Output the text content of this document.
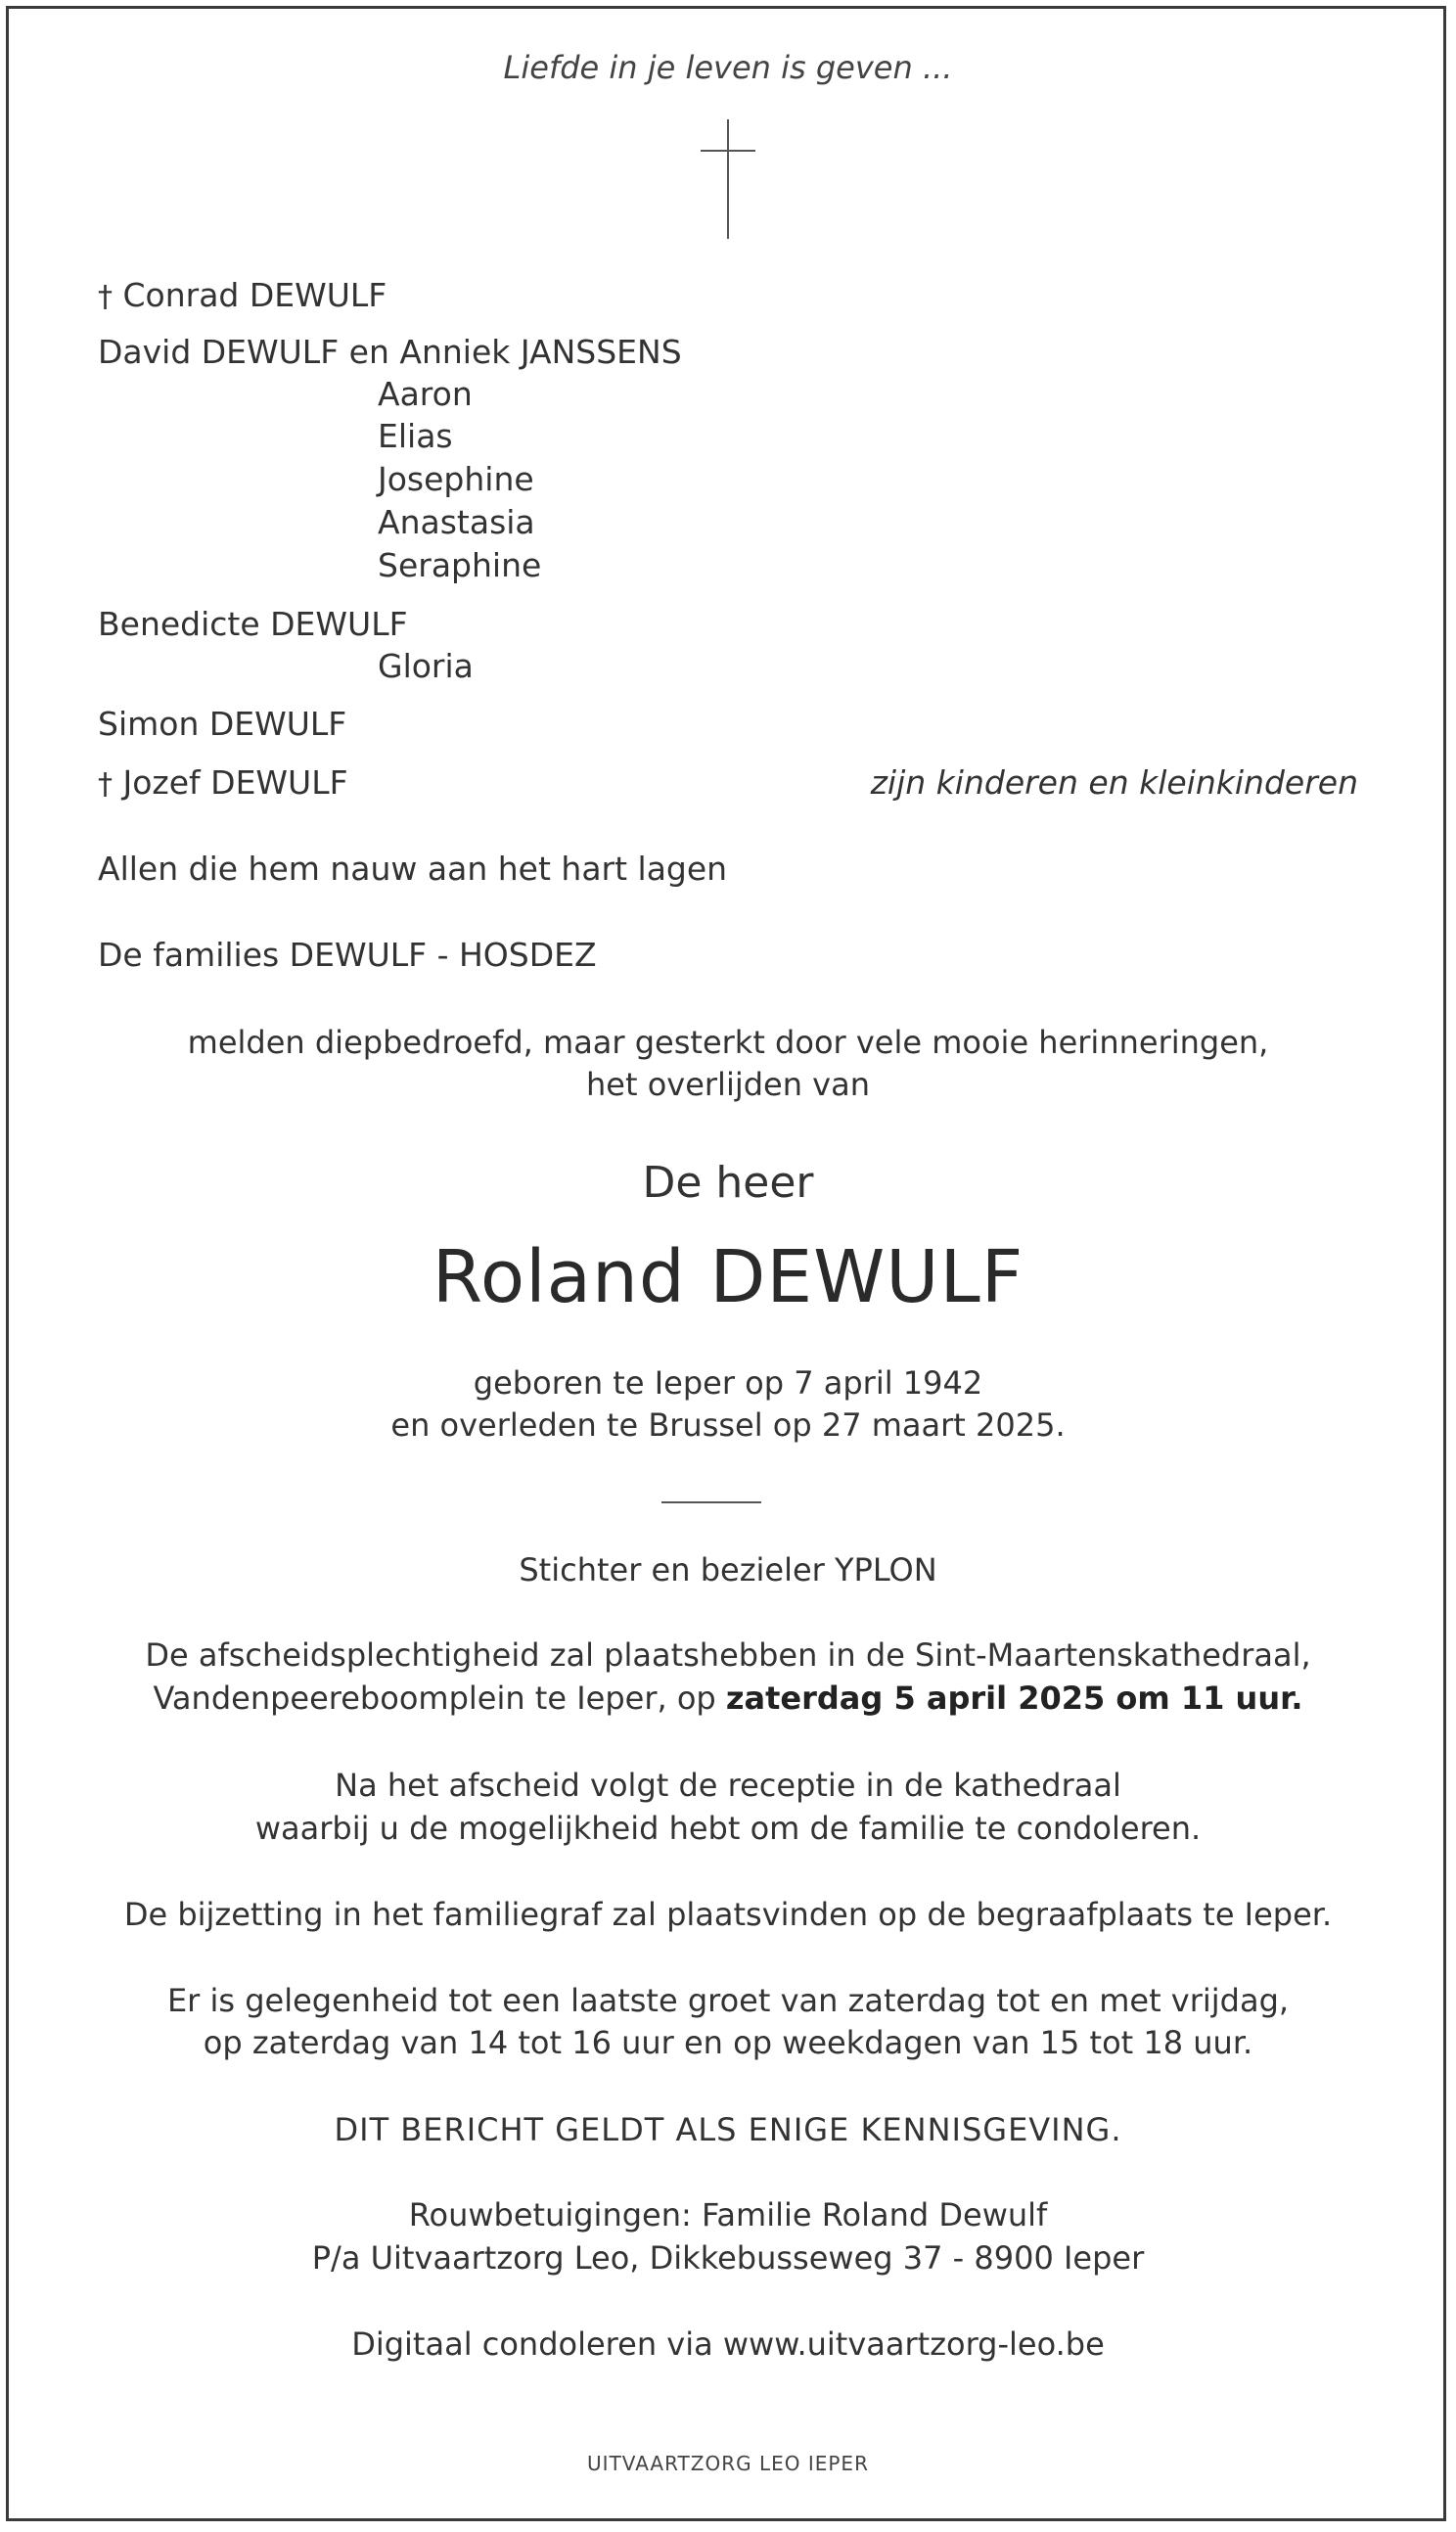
Liefde in je leven is geven ...
† Conrad DEWULF
David DEWULF en Anniek JANSSENS
Aaron
Elias
Josephine
Anastasia
Seraphine
Benedicte DEWULF
Gloria
Simon DEWULF
† Jozef DEWULF	zijn kinderen en kleinkinderen
Allen die hem nauw aan het hart lagen
De families DEWULF - HOSDEZ
melden diepbedroefd, maar gesterkt door vele mooie herinneringen,
het overlijden van
De heer
Roland DEWULF
geboren te Ieper op 7 april 1942
en overleden te Brussel op 27 maart 2025.
Stichter en bezieler YPLON
De afscheidsplechtigheid zal plaatshebben in de Sint-Maartenskathedraal,
Vandenpeereboomplein te Ieper, op zaterdag 5 april 2025 om 11 uur.
Na het afscheid volgt de receptie in de kathedraal
waarbij u de mogelijkheid hebt om de familie te condoleren.
De bijzetting in het familiegraf zal plaatsvinden op de begraafplaats te Ieper.
Er is gelegenheid tot een laatste groet van zaterdag tot en met vrijdag,
op zaterdag van 14 tot 16 uur en op weekdagen van 15 tot 18 uur.
DIT BERICHT GELDT ALS ENIGE KENNISGEVING.
Rouwbetuigingen: Familie Roland Dewulf
P/a Uitvaartzorg Leo, Dikkebusseweg 37 - 8900 Ieper
Digitaal condoleren via www.uitvaartzorg-leo.be
UITVAARTZORG LEO IEPER
